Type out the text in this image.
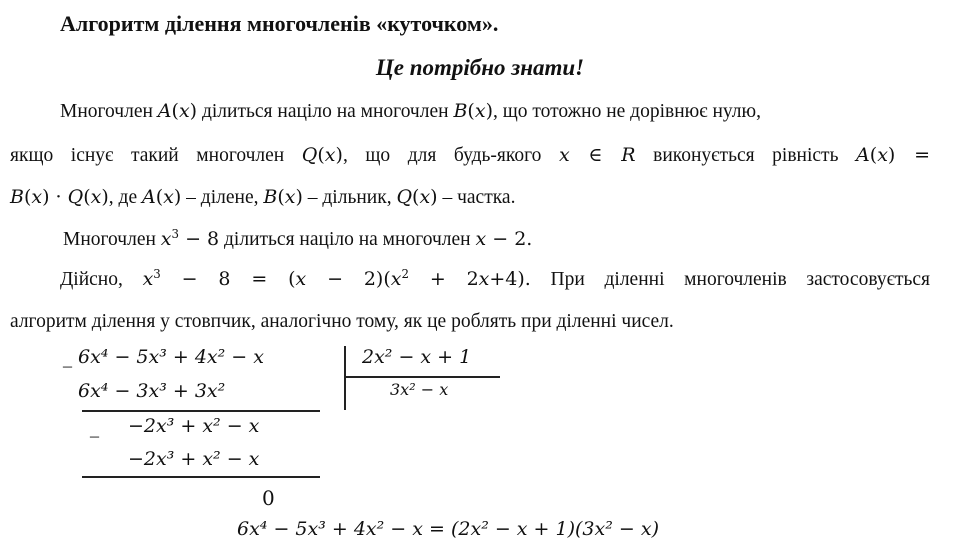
Алгоритм ділення многочленів «куточком».
Це потрібно знати!
Многочлен A(x) ділиться націло на многочлен B(x), що тотожно не дорівнює нулю,
якщо існує такий многочлен Q(x), що для будь-якого x ∈ R виконується рівність A(x) =
B(x) · Q(x), де A(x) – ділене, B(x) – дільник, Q(x) – частка.
Многочлен $x^3 - 8$ ділиться націло на многочлен x − 2.
Дійсно, $x^3 - 8 = (x - 2)(x^2 + 2x+4)$. При діленні многочленів застосовується
алгоритм ділення у стовпчик, аналогічно тому, як це роблять при діленні чисел.
_ 6x⁴ − 5x³ + 4x² − x	2x² − x + 1
3x² − x
6x⁴ − 3x³ + 3x²
_ −2x³ + x² − x
−2x³ + x² − x
0
6x⁴ − 5x³ + 4x² − x = (2x² − x + 1)(3x² − x)
